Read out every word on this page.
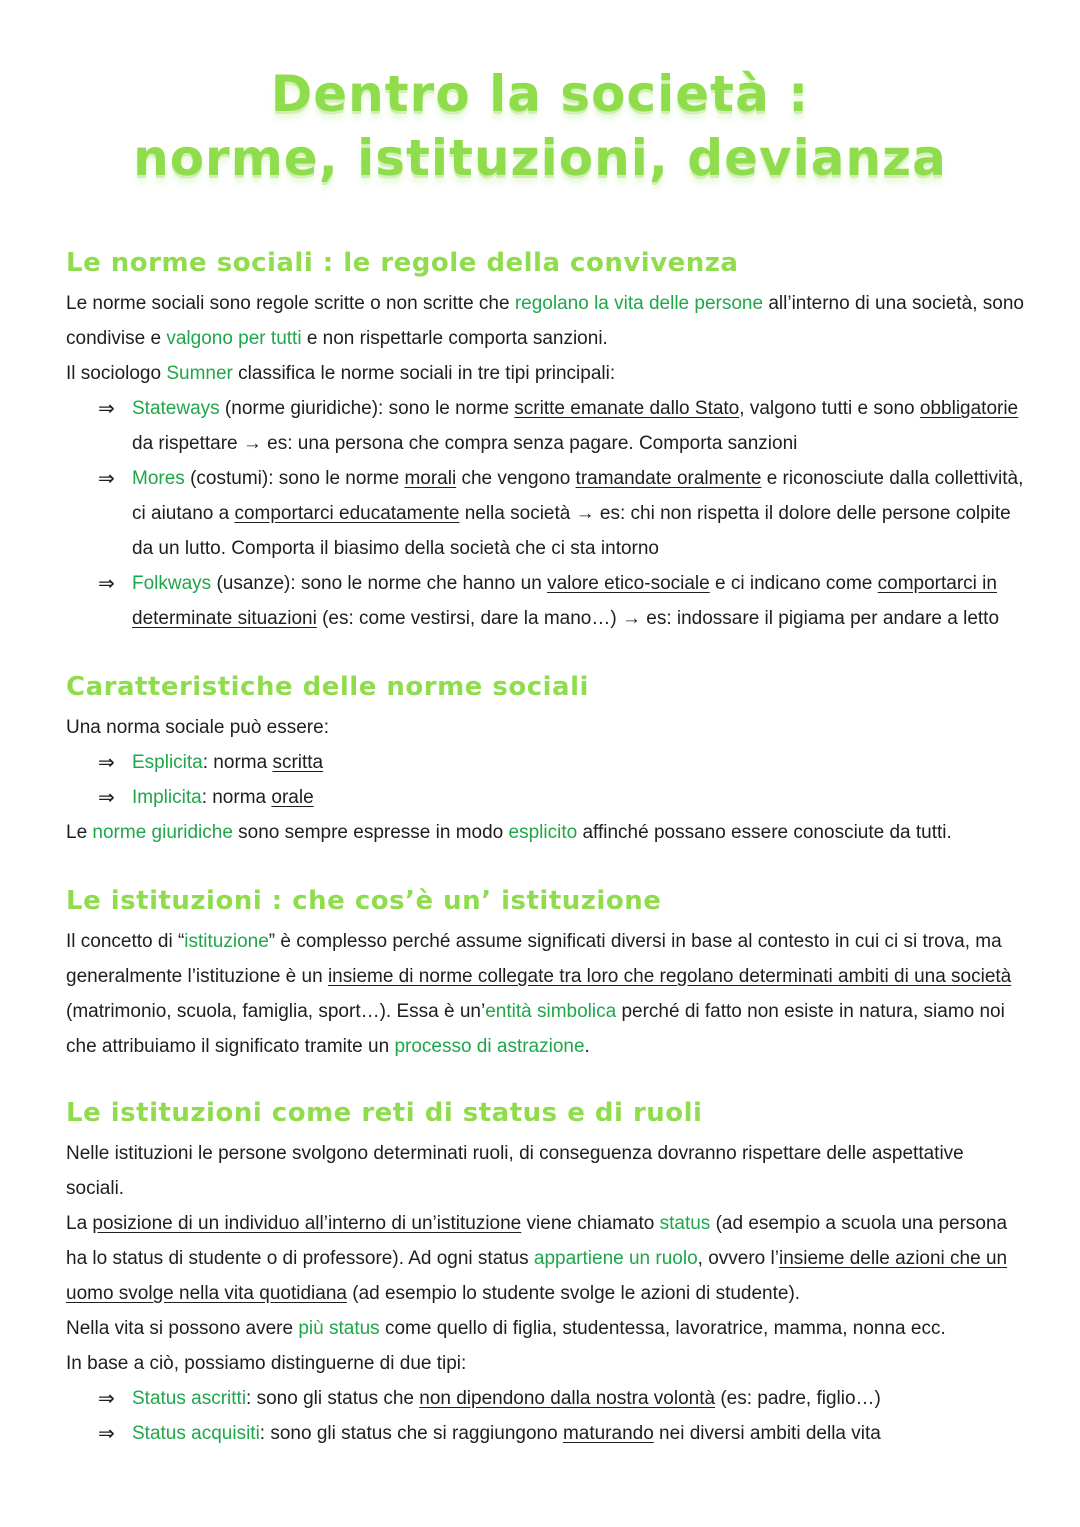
Dentro la società :
norme, istituzioni, devianza
Le norme sociali : le regole della convivenza

Le norme sociali sono regole scritte o non scritte che regolano la vita delle persone all’interno di una società, sono condivise e valgono per tutti e non rispettarle comporta sanzioni.

Il sociologo Sumner classifica le norme sociali in tre tipi principali:

⇒ Stateways (norme giuridiche): sono le norme scritte emanate dallo Stato, valgono tutti e sono obbligatorie da rispettare → es: una persona che compra senza pagare. Comporta sanzioni
⇒ Mores (costumi): sono le norme morali che vengono tramandate oralmente e riconosciute dalla collettività, ci aiutano a comportarci educatamente nella società → es: chi non rispetta il dolore delle persone colpite da un lutto. Comporta il biasimo della società che ci sta intorno
⇒ Folkways (usanze): sono le norme che hanno un valore etico-sociale e ci indicano come comportarci in determinate situazioni (es: come vestirsi, dare la mano…) → es: indossare il pigiama per andare a letto
Caratteristiche delle norme sociali

Una norma sociale può essere:

⇒ Esplicita: norma scritta
⇒ Implicita: norma orale

Le norme giuridiche sono sempre espresse in modo esplicito affinché possano essere conosciute da tutti.

Le istituzioni : che cos’è un’ istituzione

Il concetto di “istituzione” è complesso perché assume significati diversi in base al contesto in cui ci si trova, ma generalmente l’istituzione è un insieme di norme collegate tra loro che regolano determinati ambiti di una società (matrimonio, scuola, famiglia, sport…). Essa è un’entità simbolica perché di fatto non esiste in natura, siamo noi che attribuiamo il significato tramite un processo di astrazione.

Le istituzioni come reti di status e di ruoli

Nelle istituzioni le persone svolgono determinati ruoli, di conseguenza dovranno rispettare delle aspettative sociali.

La posizione di un individuo all’interno di un’istituzione viene chiamato status (ad esempio a scuola una persona ha lo status di studente o di professore). Ad ogni status appartiene un ruolo, ovvero l’insieme delle azioni che un uomo svolge nella vita quotidiana (ad esempio lo studente svolge le azioni di studente).

Nella vita si possono avere più status come quello di figlia, studentessa, lavoratrice, mamma, nonna ecc.

In base a ciò, possiamo distinguerne di due tipi:

⇒ Status ascritti: sono gli status che non dipendono dalla nostra volontà (es: padre, figlio…)
⇒ Status acquisiti: sono gli status che si raggiungono maturando nei diversi ambiti della vita
